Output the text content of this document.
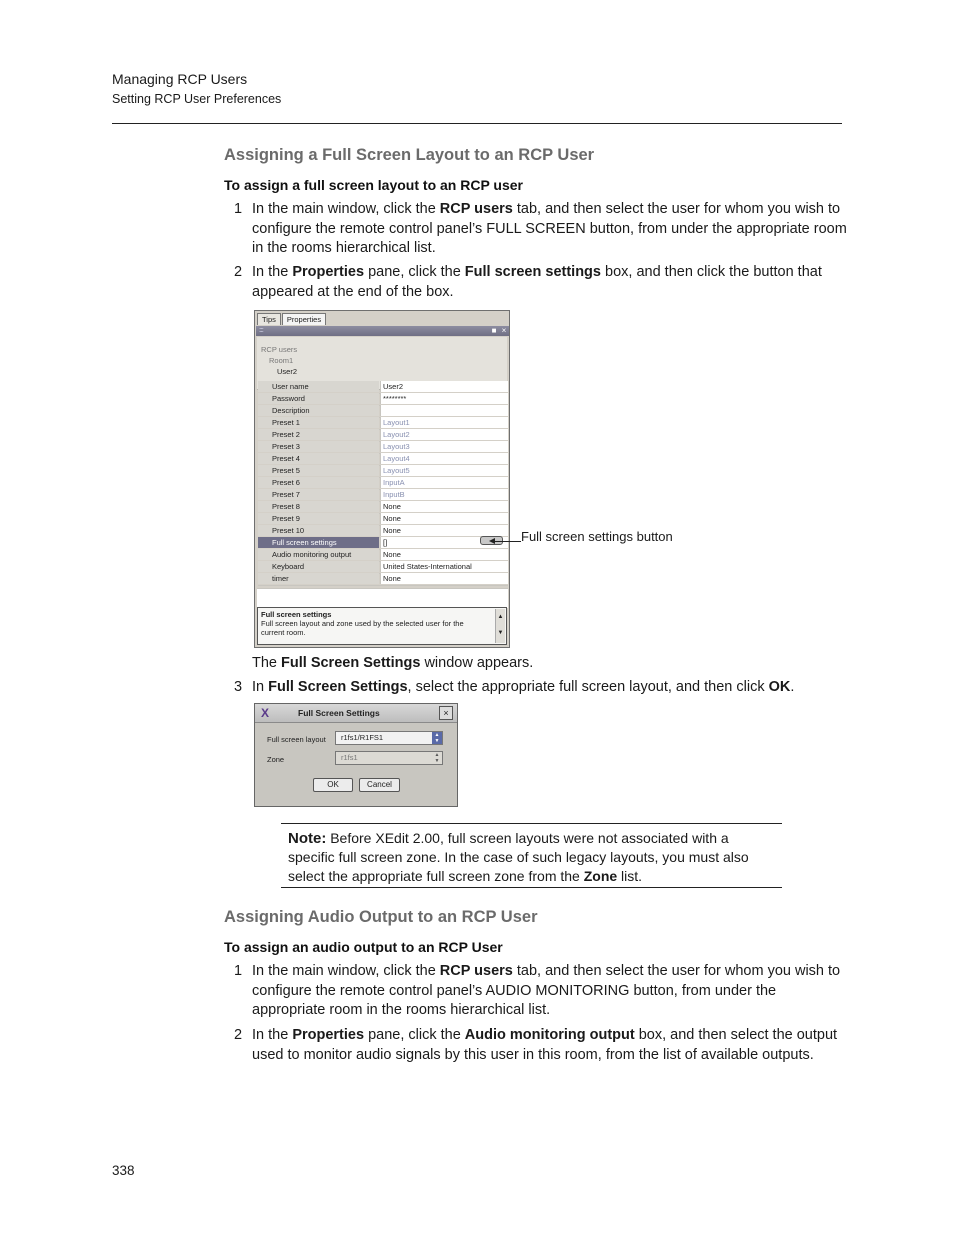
Managing RCP Users
Setting RCP User Preferences
Assigning a Full Screen Layout to an RCP User
To assign a full screen layout to an RCP user
1 In the main window, click the RCP users tab, and then select the user for whom you wish to configure the remote control panel’s FULL SCREEN button, from under the appropriate room in the rooms hierarchical list.
2 In the Properties pane, click the Full screen settings box, and then click the button that appeared at the end of the box.
Tips Properties
::::	■ ×
RCP users
Room1
User2
User name	User2
Password	********
Description
Preset 1	Layout1
Preset 2	Layout2
Preset 3	Layout3
Preset 4	Layout4
Preset 5	Layout5
Preset 6	InputA
Preset 7	InputB
Preset 8	None
Preset 9	None
Preset 10	None
Full screen settings	[]
Audio monitoring output	None
Keyboard	United States-International
timer	None
Full screen settings
Full screen layout and zone used by the selected user for the current room.
▲
▼
Full screen settings button
The Full Screen Settings window appears.
3 In Full Screen Settings, select the appropriate full screen layout, and then click OK.
X	Full Screen Settings	×
Full screen layout	r1fs1/R1FS1	▲
▼
Zone	r1fs1	▲
▼
OK	Cancel
Note: Before XEdit 2.00, full screen layouts were not associated with a specific full screen zone. In the case of such legacy layouts, you must also select the appropriate full screen zone from the Zone list.
Assigning Audio Output to an RCP User
To assign an audio output to an RCP User
1 In the main window, click the RCP users tab, and then select the user for whom you wish to configure the remote control panel’s AUDIO MONITORING button, from under the appropriate room in the rooms hierarchical list.
2 In the Properties pane, click the Audio monitoring output box, and then select the output used to monitor audio signals by this user in this room, from the list of available outputs.
338
